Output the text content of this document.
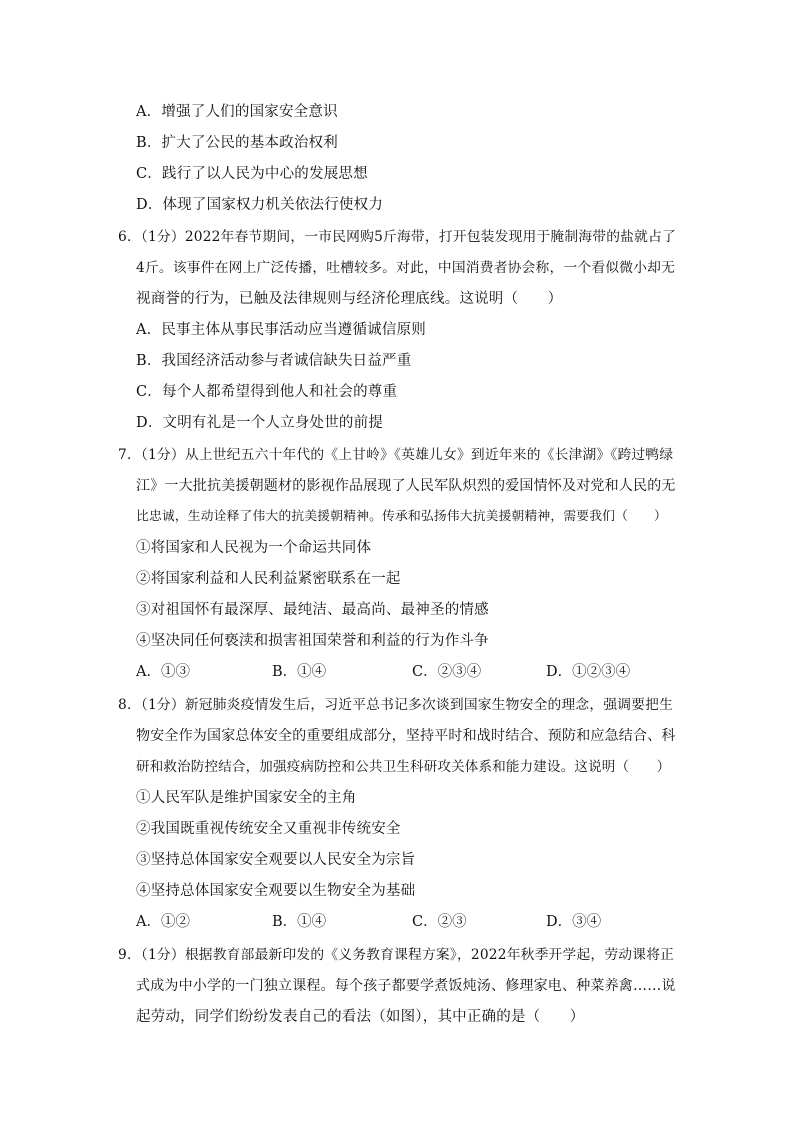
A．增强了人们的国家安全意识
B．扩大了公民的基本政治权利
C．践行了以人民为中心的发展思想
D．体现了国家权力机关依法行使权力
6．（1分）2022年春节期间，一市民网购5斤海带，打开包装发现用于腌制海带的盐就占了
4斤。该事件在网上广泛传播，吐槽较多。对此，中国消费者协会称，一个看似微小却无
视商誉的行为，已触及法律规则与经济伦理底线。这说明（　　）
A．民事主体从事民事活动应当遵循诚信原则
B．我国经济活动参与者诚信缺失日益严重
C．每个人都希望得到他人和社会的尊重
D．文明有礼是一个人立身处世的前提
7．（1分）从上世纪五六十年代的《上甘岭》《英雄儿女》到近年来的《长津湖》《跨过鸭绿
江》一大批抗美援朝题材的影视作品展现了人民军队炽烈的爱国情怀及对党和人民的无
比忠诚，生动诠释了伟大的抗美援朝精神。传承和弘扬伟大抗美援朝精神，需要我们（　　）
①将国家和人民视为一个命运共同体
②将国家利益和人民利益紧密联系在一起
③对祖国怀有最深厚、最纯洁、最高尚、最神圣的情感
④坚决同任何亵渎和损害祖国荣誉和利益的行为作斗争
A．①③	B．①④	C．②③④	D．①②③④
8．（1分）新冠肺炎疫情发生后，习近平总书记多次谈到国家生物安全的理念，强调要把生
物安全作为国家总体安全的重要组成部分，坚持平时和战时结合、预防和应急结合、科
研和救治防控结合，加强疫病防控和公共卫生科研攻关体系和能力建设。这说明（　　）
①人民军队是维护国家安全的主角
②我国既重视传统安全又重视非传统安全
③坚持总体国家安全观要以人民安全为宗旨
④坚持总体国家安全观要以生物安全为基础
A．①②	B．①④	C．②③	D．③④
9．（1分）根据教育部最新印发的《义务教育课程方案》，2022年秋季开学起，劳动课将正
式成为中小学的一门独立课程。每个孩子都要学煮饭炖汤、修理家电、种菜养禽……说
起劳动，同学们纷纷发表自己的看法（如图），其中正确的是（　　）
